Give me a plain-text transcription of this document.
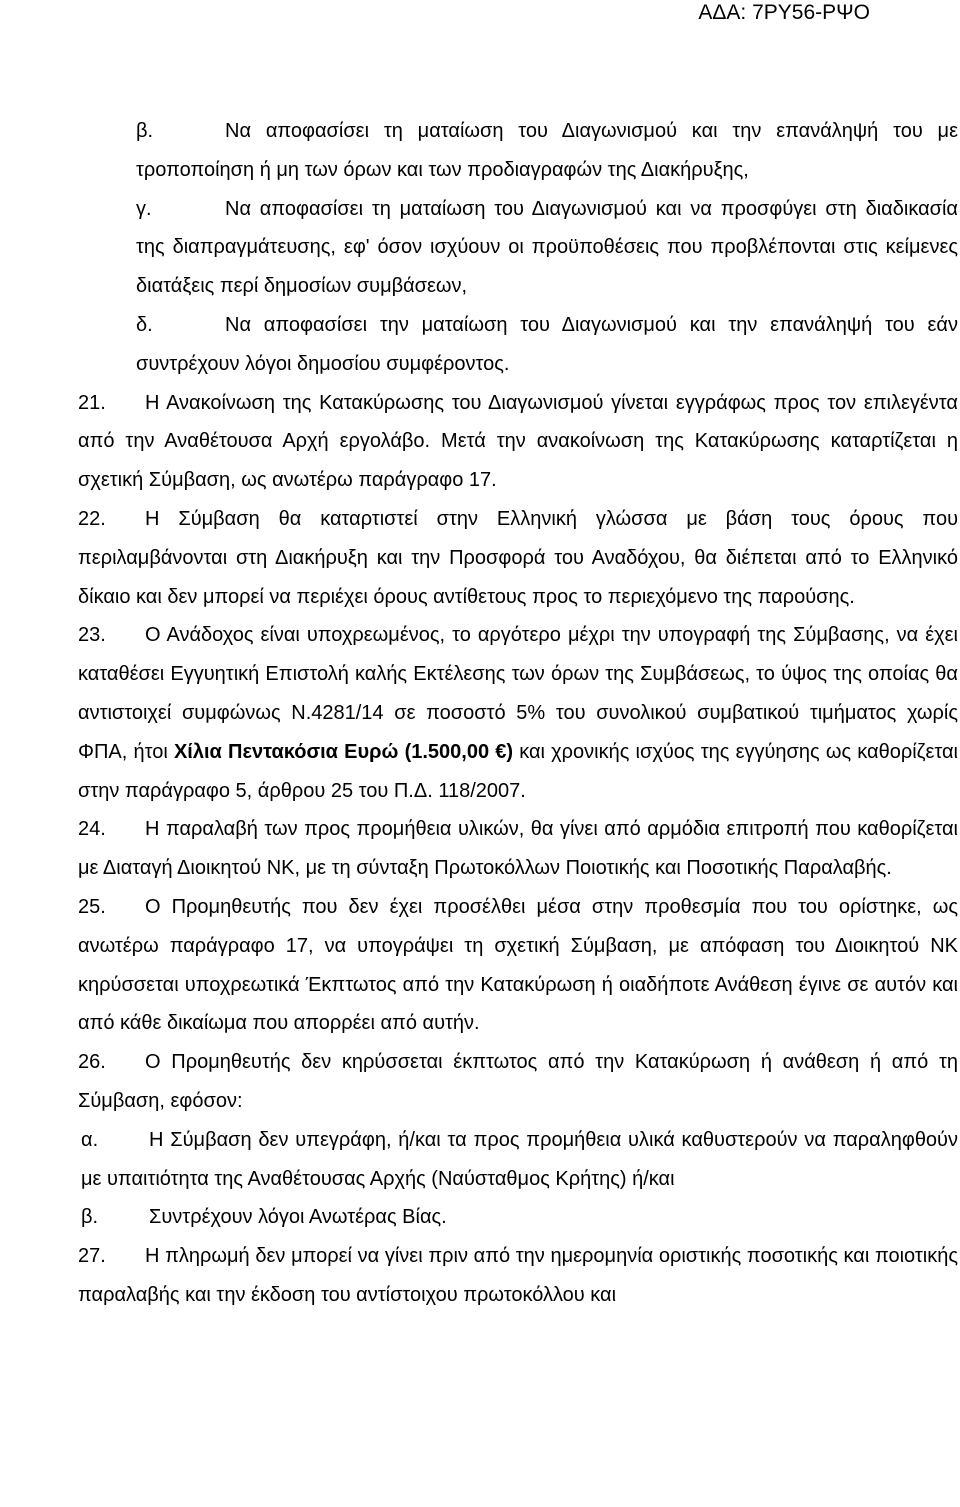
ΑΔΑ: 7ΡΥ56-ΡΨΟ

β.	Να αποφασίσει τη ματαίωση του Διαγωνισμού και την επανάληψή του με τροποποίηση ή μη των όρων και των προδιαγραφών της Διακήρυξης,

γ.	Να αποφασίσει τη ματαίωση του Διαγωνισμού και να προσφύγει στη διαδικασία της διαπραγμάτευσης, εφ' όσον ισχύουν οι προϋποθέσεις που προβλέπονται στις κείμενες διατάξεις περί δημοσίων συμβάσεων,

δ.	Να αποφασίσει την ματαίωση του Διαγωνισμού και την επανάληψή του εάν συντρέχουν λόγοι δημοσίου συμφέροντος.

21. Η Ανακοίνωση της Κατακύρωσης του Διαγωνισμού γίνεται εγγράφως προς τον επιλεγέντα από την Αναθέτουσα Αρχή εργολάβο. Μετά την ανακοίνωση της Κατακύρωσης καταρτίζεται η σχετική Σύμβαση, ως ανωτέρω παράγραφο 17.

22. Η Σύμβαση θα καταρτιστεί στην Ελληνική γλώσσα με βάση τους όρους που περιλαμβάνονται στη Διακήρυξη και την Προσφορά του Αναδόχου, θα διέπεται από το Ελληνικό δίκαιο και δεν μπορεί να περιέχει όρους αντίθετους προς το περιεχόμενο της παρούσης.

23. Ο Ανάδοχος είναι υποχρεωμένος, το αργότερο μέχρι την υπογραφή της Σύμβασης, να έχει καταθέσει Εγγυητική Επιστολή καλής Εκτέλεσης των όρων της Συμβάσεως, το ύψος της οποίας θα αντιστοιχεί συμφώνως Ν.4281/14 σε ποσοστό 5% του συνολικού συμβατικού τιμήματος χωρίς ΦΠΑ, ήτοι Χίλια Πεντακόσια Ευρώ (1.500,00 €) και χρονικής ισχύος της εγγύησης ως καθορίζεται στην παράγραφο 5, άρθρου 25 του Π.Δ. 118/2007.

24. Η παραλαβή των προς προμήθεια υλικών, θα γίνει από αρμόδια επιτροπή που καθορίζεται με Διαταγή Διοικητού ΝΚ, με τη σύνταξη Πρωτοκόλλων Ποιοτικής και Ποσοτικής Παραλαβής.

25. Ο Προμηθευτής που δεν έχει προσέλθει μέσα στην προθεσμία που του ορίστηκε, ως ανωτέρω παράγραφο 17, να υπογράψει τη σχετική Σύμβαση, με απόφαση του Διοικητού ΝΚ κηρύσσεται υποχρεωτικά Έκπτωτος από την Κατακύρωση ή οιαδήποτε Ανάθεση έγινε σε αυτόν και από κάθε δικαίωμα που απορρέει από αυτήν.

26. Ο Προμηθευτής δεν κηρύσσεται έκπτωτος από την Κατακύρωση ή ανάθεση ή από τη Σύμβαση, εφόσον:

α.	Η Σύμβαση δεν υπεγράφη, ή/και τα προς προμήθεια υλικά καθυστερούν να παραληφθούν με υπαιτιότητα της Αναθέτουσας Αρχής (Ναύσταθμος Κρήτης) ή/και

β.	Συντρέχουν λόγοι Ανωτέρας Βίας.

27. Η πληρωμή δεν μπορεί να γίνει πριν από την ημερομηνία οριστικής ποσοτικής και ποιοτικής παραλαβής και την έκδοση του αντίστοιχου πρωτοκόλλου και
